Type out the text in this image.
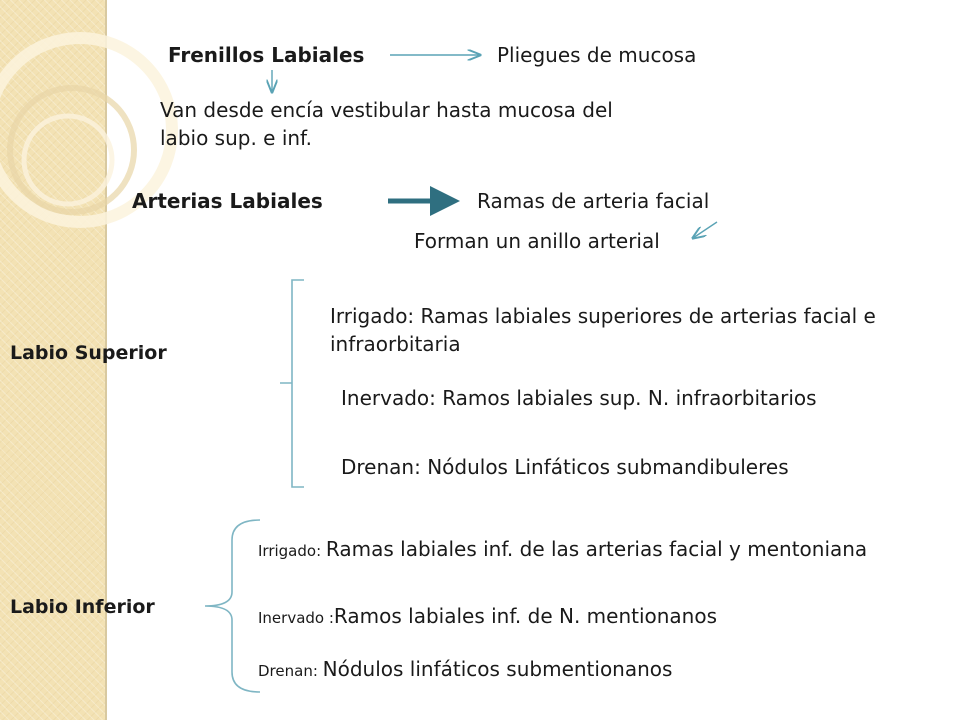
Frenillos Labiales	Pliegues de mucosa
Van desde encía vestibular hasta mucosa del labio sup. e inf.
Arterias Labiales	Ramas de arteria facial
Forman un anillo arterial
Labio Superior
Irrigado: Ramas labiales superiores de arterias facial e infraorbitaria
Inervado: Ramos labiales sup. N. infraorbitarios
Drenan: Nódulos Linfáticos submandibuleres
Labio Inferior
Irrigado: Ramas labiales inf. de las arterias facial y mentoniana
Inervado :Ramos labiales inf. de N. mentionanos
Drenan: Nódulos linfáticos submentionanos
